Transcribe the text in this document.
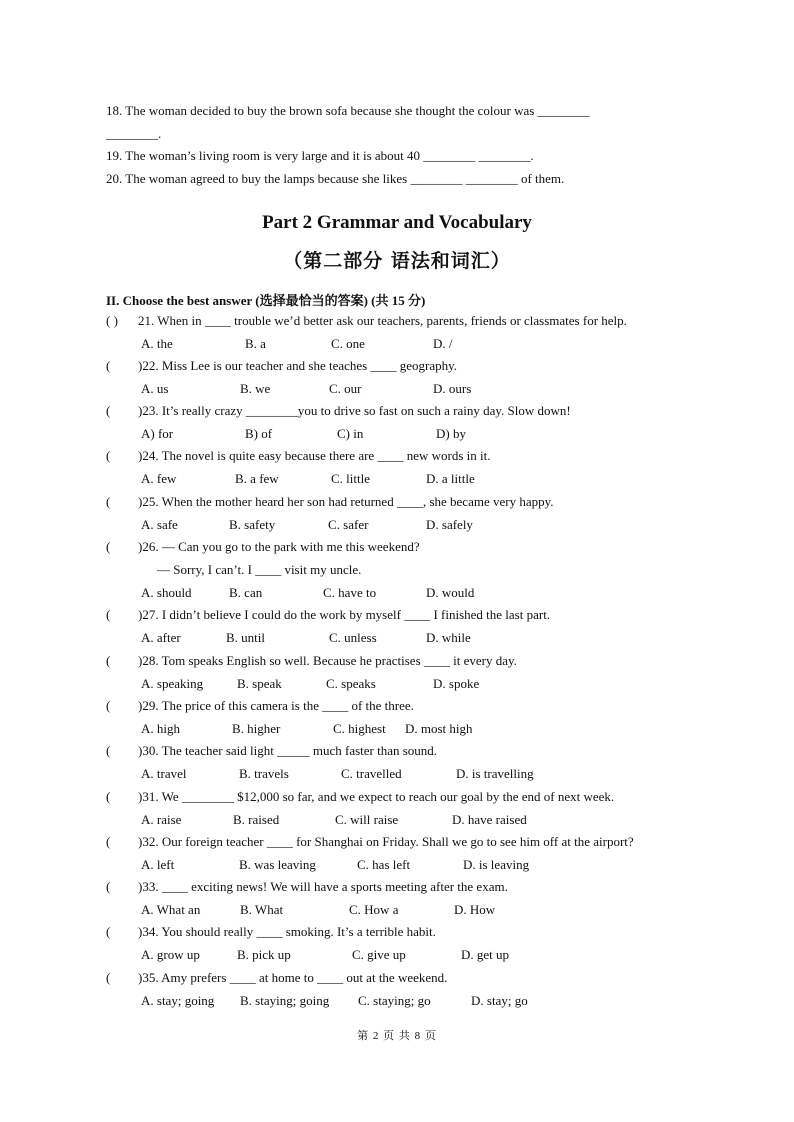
18. The woman decided to buy the brown sofa because she thought the colour was ________
________.
19. The woman’s living room is very large and it is about 40 ________ ________.
20. The woman agreed to buy the lamps because she likes ________ ________ of them.
Part 2 Grammar and Vocabulary
（第二部分 语法和词汇）
II. Choose the best answer (选择最恰当的答案) (共 15 分)
( ) 21. When in ____ trouble we’d better ask our teachers, parents, friends or classmates for help.
A. the	B. a	C. one	D. /
( )22. Miss Lee is our teacher and she teaches ____ geography.
A. us	B. we	C. our	D. ours
( )23. It’s really crazy ________you to drive so fast on such a rainy day. Slow down!
A) for	B) of	C) in	D) by
( )24. The novel is quite easy because there are ____ new words in it.
A. few	B. a few	C. little	D. a little
( )25. When the mother heard her son had returned ____, she became very happy.
A. safe	B. safety	C. safer	D. safely
( )26. — Can you go to the park with me this weekend?
— Sorry, I can’t. I ____ visit my uncle.
A. should	B. can	C. have to	D. would
( )27. I didn’t believe I could do the work by myself ____ I finished the last part.
A. after	B. until	C. unless	D. while
( )28. Tom speaks English so well. Because he practises ____ it every day.
A. speaking	B. speak	C. speaks	D. spoke
( )29. The price of this camera is the ____ of the three.
A. high	B. higher	C. highest D. most high
( )30. The teacher said light _____ much faster than sound.
A. travel	B. travels	C. travelled	D. is travelling
( )31. We ________ $12,000 so far, and we expect to reach our goal by the end of next week.
A. raise	B. raised	C. will raise	D. have raised
( )32. Our foreign teacher ____ for Shanghai on Friday. Shall we go to see him off at the airport?
A. left	B. was leaving	C. has left	D. is leaving
( )33. ____ exciting news! We will have a sports meeting after the exam.
A. What an	B. What	C. How a	D. How
( )34. You should really ____ smoking. It’s a terrible habit.
A. grow up	B. pick up	C. give up	D. get up
( )35. Amy prefers ____ at home to ____ out at the weekend.
A. stay; going B. staying; going C. staying; go	D. stay; go
第 2 页 共 8 页
